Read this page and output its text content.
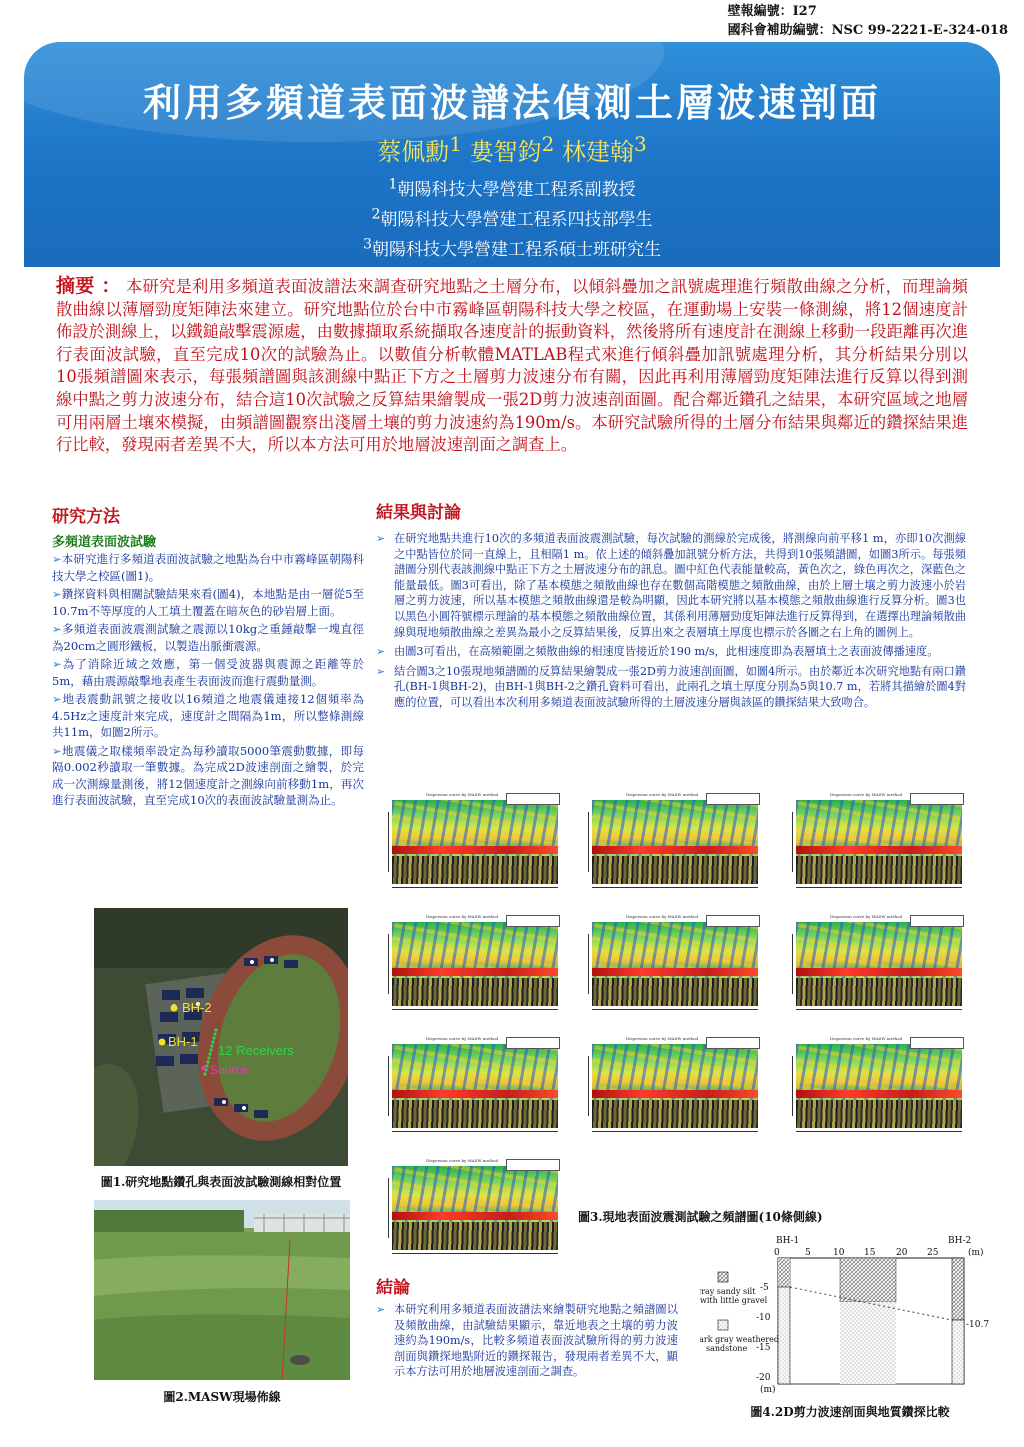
壁報編號：I27
國科會補助編號：NSC 99-2221-E-324-018
利用多頻道表面波譜法偵測土層波速剖面
蔡佩勳$^1$ 婁智鈞$^2$ 林建翰$^3$
$^1$朝陽科技大學營建工程系副教授
$^2$朝陽科技大學營建工程系四技部學生
$^3$朝陽科技大學營建工程系碩士班研究生
摘要 ： 本研究是利用多頻道表面波譜法來調查研究地點之土層分布，以傾斜疊加之訊號處理進行頻散曲線之分析，而理論頻散曲線以薄層勁度矩陣法來建立。研究地點位於台中市霧峰區朝陽科技大學之校區，在運動場上安裝一條測線，將12個速度計佈設於測線上，以鐵鎚敲擊震源處，由數據擷取系統擷取各速度計的振動資料，然後將所有速度計在測線上移動一段距離再次進行表面波試驗，直至完成10次的試驗為止。以數值分析軟體MATLAB程式來進行傾斜疊加訊號處理分析，其分析結果分別以10張頻譜圖來表示，每張頻譜圖與該測線中點正下方之土層剪力波速分布有關，因此再利用薄層勁度矩陣法進行反算以得到測線中點之剪力波速分布，結合這10次試驗之反算結果繪製成一張2D剪力波速剖面圖。配合鄰近鑽孔之結果，本研究區域之地層可用兩層土壤來模擬，由頻譜圖觀察出淺層土壤的剪力波速約為190m/s。本研究試驗所得的土層分布結果與鄰近的鑽探結果進行比較，發現兩者差異不大，所以本方法可用於地層波速剖面之調查上。
研究方法
多頻道表面波試驗

➢本研究進行多頻道表面波試驗之地點為台中市霧峰區朝陽科技大學之校區(圖1)。

➢鑽探資料與相關試驗結果來看(圖4)，本地點是由一層從5至10.7m不等厚度的人工填土覆蓋在暗灰色的砂岩層上面。

➢多頻道表面波震測試驗之震源以10kg之重錘敲擊一塊直徑為20cm之圓形鐵板，以製造出脈衝震源。

➢為了消除近域之效應，第一個受波器與震源之距離等於5m，藉由震源敲擊地表產生表面波而進行震動量測。

➢地表震動訊號之接收以16頻道之地震儀連接12個頻率為4.5Hz之速度計來完成，速度計之間隔為1m，所以整條測線共11m，如圖2所示。

➢地震儀之取樣頻率設定為每秒讀取5000筆震動數據，即每隔0.002秒讀取一筆數據。為完成2D波速剖面之繪製，於完成一次測線量測後，將12個速度計之測線向前移動1m，再次進行表面波試驗，直至完成10次的表面波試驗量測為止。

BH-2
BH-1
12 Receivers
Source
圖1.研究地點鑽孔與表面波試驗測線相對位置
圖2.MASW現場佈線
結果與討論
➢ 在研究地點共進行10次的多頻道表面波震測試驗，每次試驗的測線於完成後，將測線向前平移1 m，亦即10次測線之中點皆位於同一直線上，且相隔1 m。依上述的傾斜疊加訊號分析方法，共得到10張頻譜圖，如圖3所示。每張頻譜圖分別代表該測線中點正下方之土層波速分布的訊息。圖中紅色代表能量較高，黃色次之，綠色再次之，深藍色之能量最低。圖3可看出，除了基本模態之頻散曲線也存在數個高階模態之頻散曲線，由於上層土壤之剪力波速小於岩層之剪力波速，所以基本模態之頻散曲線還是較為明顯，因此本研究將以基本模態之頻散曲線進行反算分析。圖3也以黑色小圓符號標示理論的基本模態之頻散曲線位置，其係利用薄層勁度矩陣法進行反算得到，在選擇出理論頻散曲線與現地頻散曲線之差異為最小之反算結果後，反算出來之表層填土厚度也標示於各圖之右上角的圖例上。
➢ 由圖3可看出，在高頻範圍之頻散曲線的相速度皆接近於190 m/s，此相速度即為表層填土之表面波傳播速度。
➢ 結合圖3之10張現地頻譜圖的反算結果繪製成一張2D剪力波速剖面圖，如圖4所示。由於鄰近本次研究地點有兩口鑽孔(BH-1與BH-2)，由BH-1與BH-2之鑽孔資料可看出，此兩孔之填土厚度分別為5與10.7 m，若將其描繪於圖4對應的位置，可以看出本次利用多頻道表面波試驗所得的土層波速分層與該區的鑽探結果大致吻合。
Dispersion curve by MASW method	Dispersion curve by MASW method
Dispersion curve by MASW method	Dispersion curve by MASW method
Dispersion curve by MASW method	Dispersion curve by MASW method
Dispersion curve by MASW method
Dispersion curve by MASW method
Dispersion curve by MASW method
Dispersion curve by MASW method
圖3.現地表面波震測試驗之頻譜圖(10條側線)
結論
➢ 本研究利用多頻道表面波譜法來繪製研究地點之頻譜圖以及頻散曲線，由試驗結果顯示，靠近地表之土壤的剪力波速約為190m/s，比較多頻道表面波試驗所得的剪力波速剖面與鑽探地點附近的鑽探報告，發現兩者差異不大，顯示本方法可用於地層波速剖面之調查。
BH-1	BH-2
0	5 10 15 20 25	(m)
-5
-10
-15
-20
(m)
-10.7
gray sandy silt
with little gravel
dark gray weathered
sandstone
圖4.2D剪力波速剖面與地質鑽探比較
